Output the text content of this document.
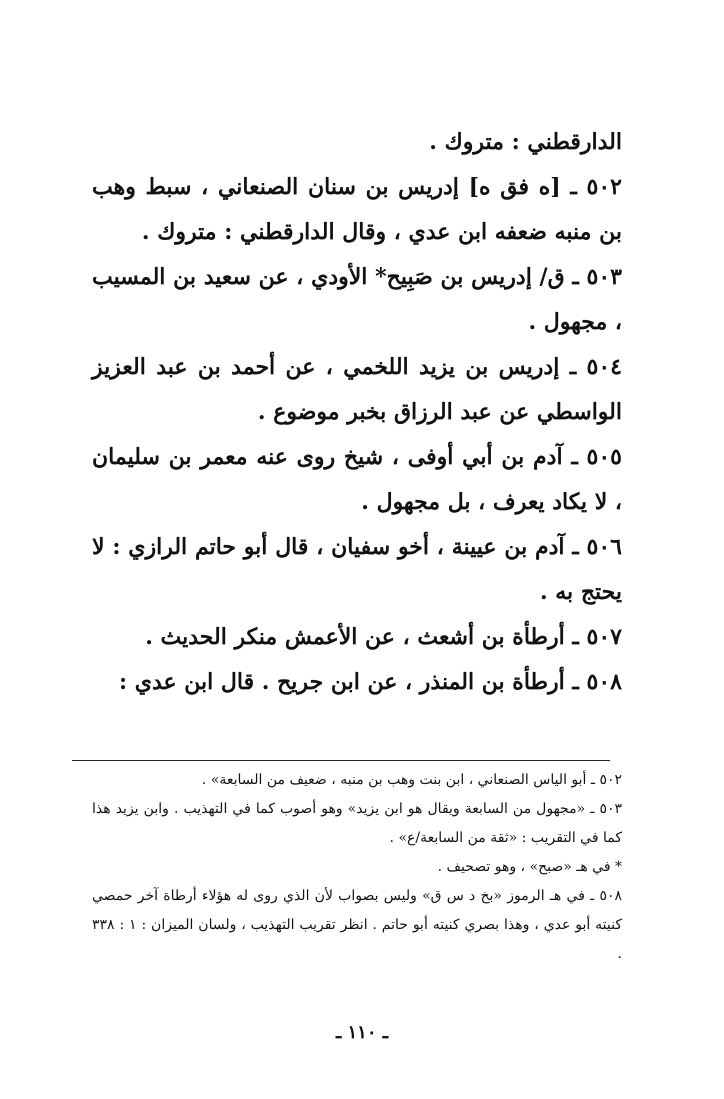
الدارقطني : متروك .

٥٠٢ ـ [ه فق ه] إدريس بن سنان الصنعاني ، سبط وهب بن منبه ضعفه ابن عدي ، وقال الدارقطني : متروك .

٥٠٣ ـ ق/ إدريس بن صَبِيح* الأودي ، عن سعيد بن المسيب ، مجهول .

٥٠٤ ـ إدريس بن يزيد اللخمي ، عن أحمد بن عبد العزيز الواسطي عن عبد الرزاق بخبر موضوع .

٥٠٥ ـ آدم بن أبي أوفى ، شيخ روى عنه معمر بن سليمان ، لا يكاد يعرف ، بل مجهول .

٥٠٦ ـ آدم بن عيينة ، أخو سفيان ، قال أبو حاتم الرازي : لا يحتج به .

٥٠٧ ـ أرطأة بن أشعث ، عن الأعمش منكر الحديث .

٥٠٨ ـ أرطأة بن المنذر ، عن ابن جريح . قال ابن عدي :

٥٠٢ ـ أبو الياس الصنعاني ، ابن بنت وهب بن منبه ، ضعيف من السابعة» .

٥٠٣ ـ «مجهول من السابعة ويقال هو ابن يزيد» وهو أصوب كما في التهذيب . وابن يزيد هذا كما في التقريب : «ثقة من السابعة/ع» .

* في هـ «صبح» ، وهو تصحيف .

٥٠٨ ـ في هـ الرموز «بخ د س ق» وليس بصواب لأن الذي روى له هؤلاء أرطاة آخر حمصي كنيته أبو عدي ، وهذا بصري كنيته أبو حاتم . انظر تقريب التهذيب ، ولسان الميزان : ١ : ٣٣٨ .

ـ ١١٠ ـ
